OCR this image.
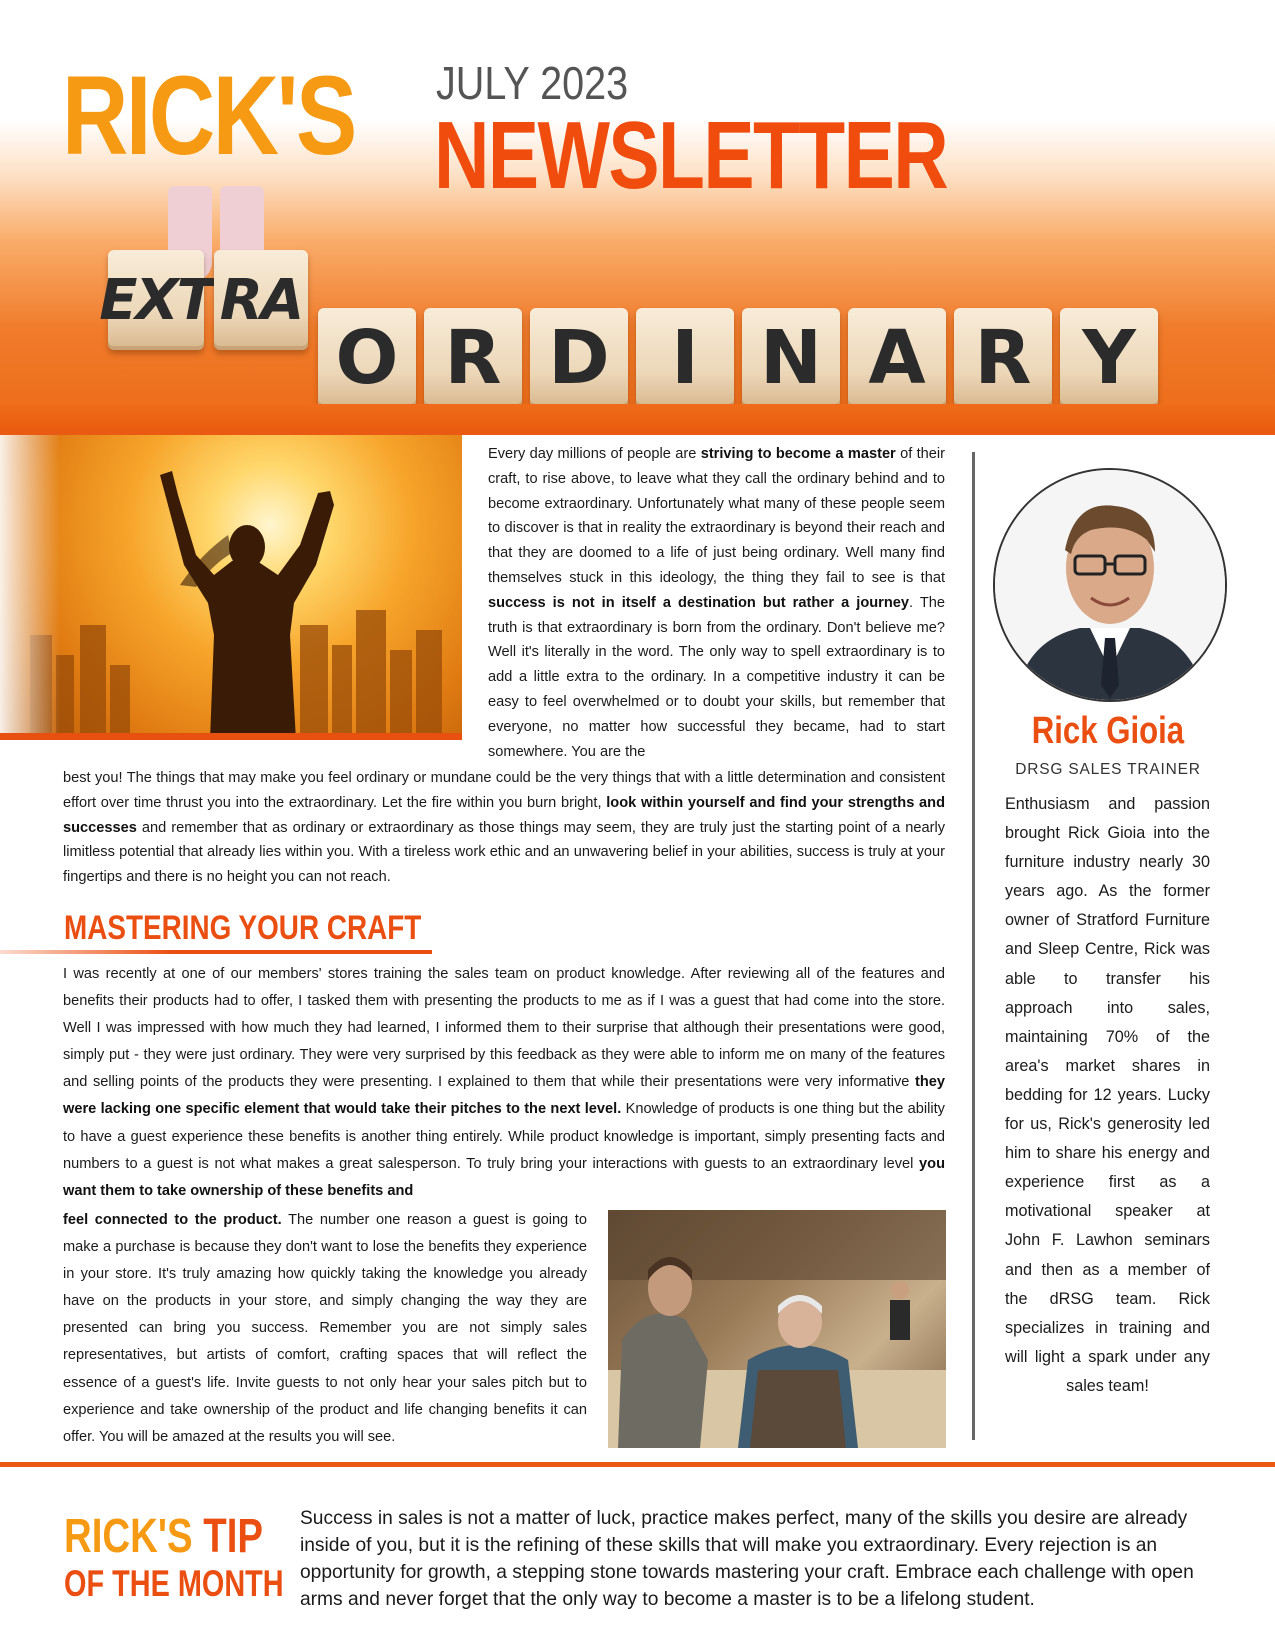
RICK'S JULY 2023
NEWSLETTER
EXT RA
O R D I N A R Y
Every day millions of people are striving to become a master of their craft, to rise above, to leave what they call the ordinary behind and to become extraordinary. Unfortunately what many of these people seem to discover is that in reality the extraordinary is beyond their reach and that they are doomed to a life of just being ordinary. Well many find themselves stuck in this ideology, the thing they fail to see is that success is not in itself a destination but rather a journey. The truth is that extraordinary is born from the ordinary. Don't believe me? Well it's literally in the word. The only way to spell extraordinary is to add a little extra to the ordinary. In a competitive industry it can be easy to feel overwhelmed or to doubt your skills, but remember that everyone, no matter how successful they became, had to start somewhere. You are the
best you! The things that may make you feel ordinary or mundane could be the very things that with a little determination and consistent effort over time thrust you into the extraordinary. Let the fire within you burn bright, look within yourself and find your strengths and successes and remember that as ordinary or extraordinary as those things may seem, they are truly just the starting point of a nearly limitless potential that already lies within you. With a tireless work ethic and an unwavering belief in your abilities, success is truly at your fingertips and there is no height you can not reach.
MASTERING YOUR CRAFT
I was recently at one of our members' stores training the sales team on product knowledge. After reviewing all of the features and benefits their products had to offer, I tasked them with presenting the products to me as if I was a guest that had come into the store. Well I was impressed with how much they had learned, I informed them to their surprise that although their presentations were good, simply put - they were just ordinary. They were very surprised by this feedback as they were able to inform me on many of the features and selling points of the products they were presenting. I explained to them that while their presentations were very informative they were lacking one specific element that would take their pitches to the next level. Knowledge of products is one thing but the ability to have a guest experience these benefits is another thing entirely. While product knowledge is important, simply presenting facts and numbers to a guest is not what makes a great salesperson. To truly bring your interactions with guests to an extraordinary level you want them to take ownership of these benefits and
feel connected to the product. The number one reason a guest is going to make a purchase is because they don't want to lose the benefits they experience in your store. It's truly amazing how quickly taking the knowledge you already have on the products in your store, and simply changing the way they are presented can bring you success. Remember you are not simply sales representatives, but artists of comfort, crafting spaces that will reflect the essence of a guest's life. Invite guests to not only hear your sales pitch but to experience and take ownership of the product and life changing benefits it can offer. You will be amazed at the results you will see.
Rick Gioia
DRSG SALES TRAINER
Enthusiasm and passion brought Rick Gioia into the furniture industry nearly 30 years ago. As the former owner of Stratford Furniture and Sleep Centre, Rick was able to transfer his approach into sales, maintaining 70% of the area's market shares in bedding for 12 years. Lucky for us, Rick's generosity led him to share his energy and experience first as a motivational speaker at John F. Lawhon seminars and then as a member of the dRSG team. Rick specializes in training and will light a spark under any sales team!
RICK'S TIP
OF THE MONTH
Success in sales is not a matter of luck, practice makes perfect, many of the skills you desire are already inside of you, but it is the refining of these skills that will make you extraordinary. Every rejection is an opportunity for growth, a stepping stone towards mastering your craft. Embrace each challenge with open arms and never forget that the only way to become a master is to be a lifelong student.
